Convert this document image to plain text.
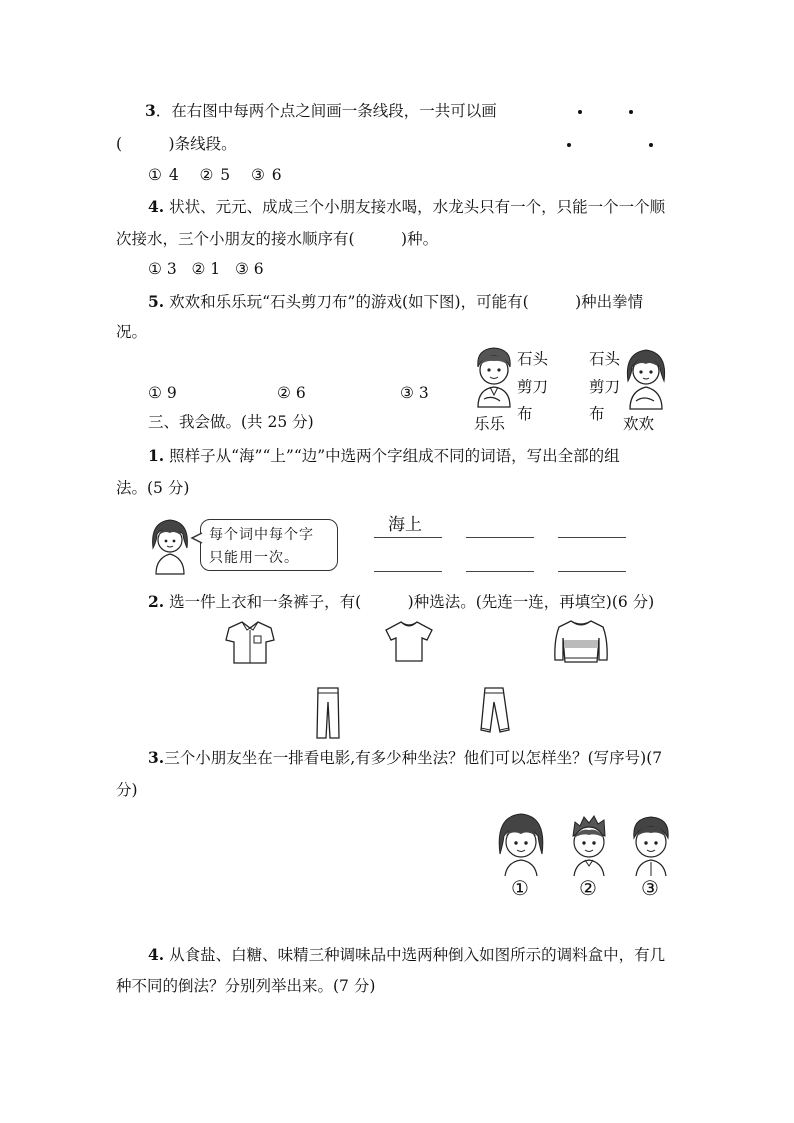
3．在右图中每两个点之间画一条线段，一共可以画
(　　　)条线段。
① 4 ② 5 ③ 6
4. 状状、元元、成成三个小朋友接水喝，水龙头只有一个，只能一个一个顺
次接水，三个小朋友的接水顺序有(　　　)种。
① 3 ② 1 ③ 6
5. 欢欢和乐乐玩“石头剪刀布”的游戏(如下图)，可能有(　　　)种出拳情
况。
① 9	② 6	③ 3
石头
剪刀
布
乐乐
石头
剪刀
布
欢欢
三、我会做。(共 25 分)
1. 照样子从“海”“上”“边”中选两个字组成不同的词语，写出全部的组
法。(5 分)
每个词中每个字
只能用一次。
海上
2. 选一件上衣和一条裤子，有(　　　)种选法。(先连一连，再填空)(6 分)
3.三个小朋友坐在一排看电影,有多少种坐法？他们可以怎样坐？(写序号)(7
分)
①	② ③
4. 从食盐、白糖、味精三种调味品中选两种倒入如图所示的调料盒中，有几
种不同的倒法？分别列举出来。(7 分)
